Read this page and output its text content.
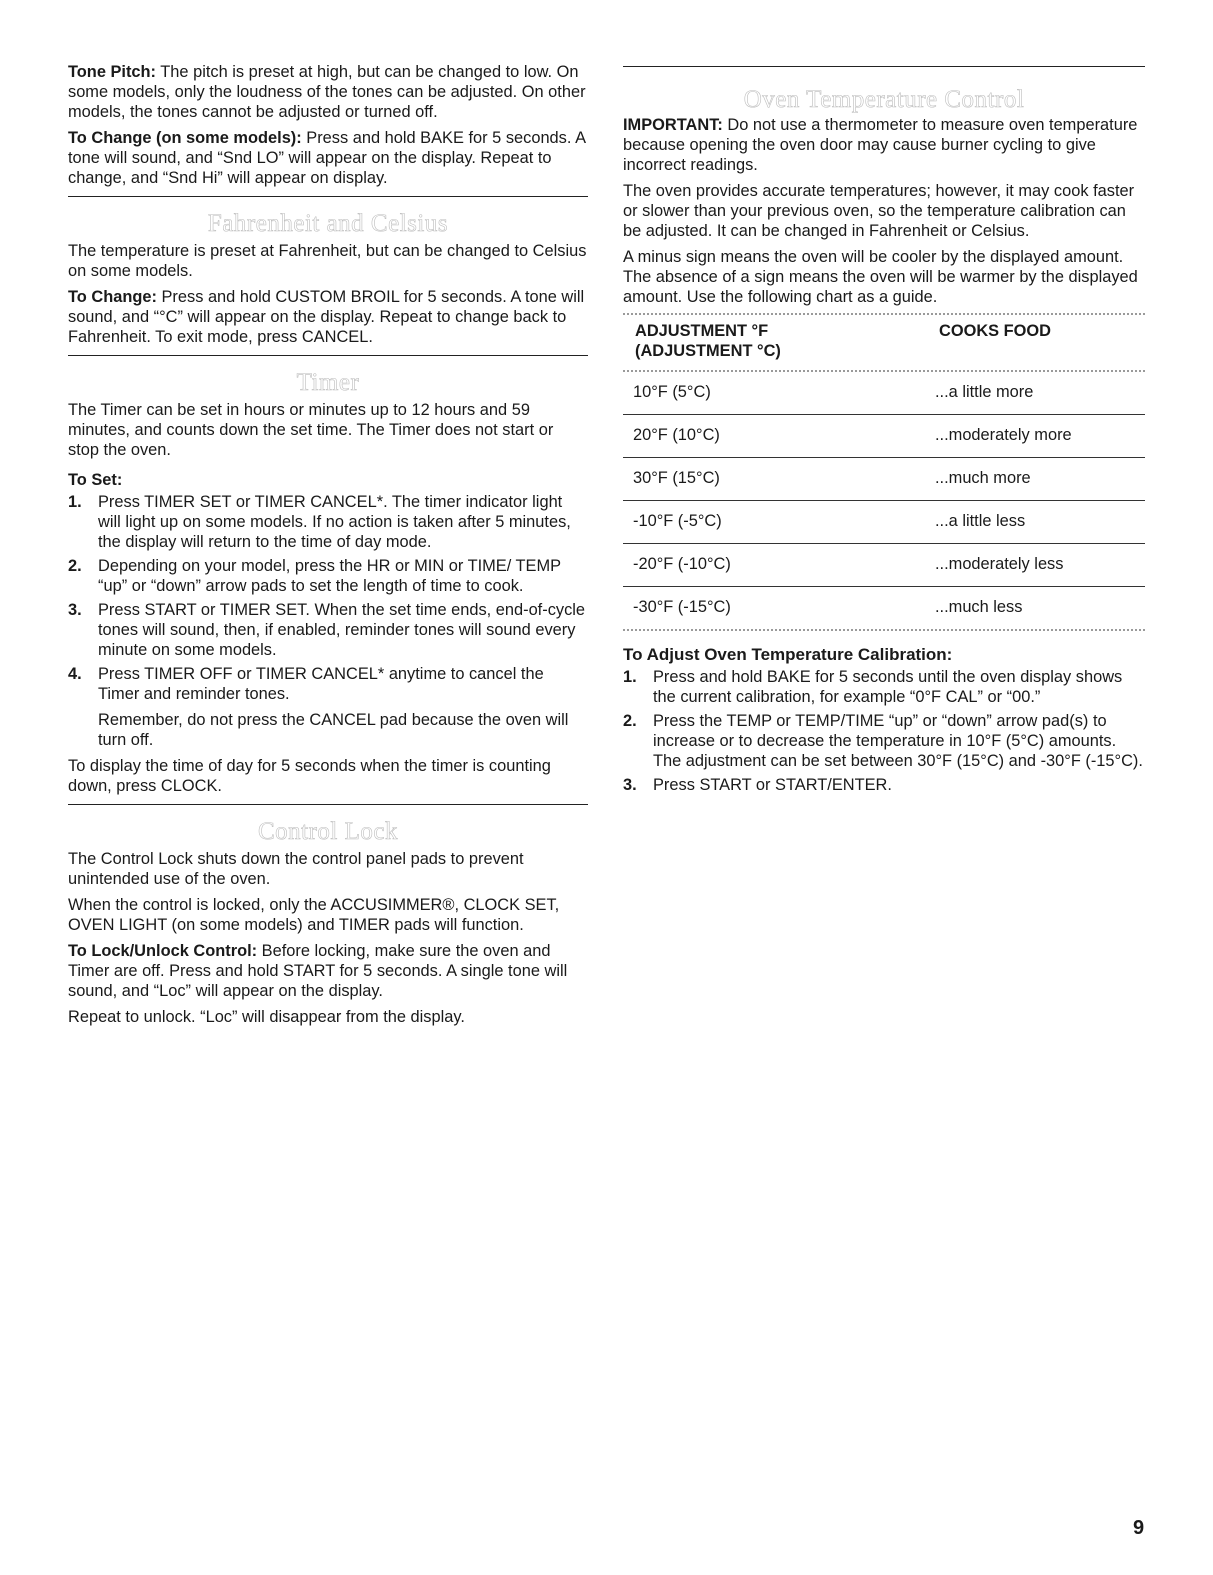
Tone Pitch: The pitch is preset at high, but can be changed to low. On some models, only the loudness of the tones can be adjusted. On other models, the tones cannot be adjusted or turned off.

To Change (on some models): Press and hold BAKE for 5 seconds. A tone will sound, and “Snd LO” will appear on the display. Repeat to change, and “Snd Hi” will appear on display.

Fahrenheit and Celsius

The temperature is preset at Fahrenheit, but can be changed to Celsius on some models.

To Change: Press and hold CUSTOM BROIL for 5 seconds. A tone will sound, and “°C” will appear on the display. Repeat to change back to Fahrenheit. To exit mode, press CANCEL.

Timer

The Timer can be set in hours or minutes up to 12 hours and 59 minutes, and counts down the set time. The Timer does not start or stop the oven.

To Set:
1. Press TIMER SET or TIMER CANCEL*. The timer indicator light will light up on some models. If no action is taken after 5 minutes, the display will return to the time of day mode.
2. Depending on your model, press the HR or MIN or TIME/ TEMP “up” or “down” arrow pads to set the length of time to cook.
3. Press START or TIMER SET. When the set time ends, end-of-cycle tones will sound, then, if enabled, reminder tones will sound every minute on some models.
4. Press TIMER OFF or TIMER CANCEL* anytime to cancel the Timer and reminder tones.
Remember, do not press the CANCEL pad because the oven will turn off.

To display the time of day for 5 seconds when the timer is counting down, press CLOCK.

Control Lock

The Control Lock shuts down the control panel pads to prevent unintended use of the oven.

When the control is locked, only the ACCUSIMMER®, CLOCK SET, OVEN LIGHT (on some models) and TIMER pads will function.

To Lock/Unlock Control: Before locking, make sure the oven and Timer are off. Press and hold START for 5 seconds. A single tone will sound, and “Loc” will appear on the display.

Repeat to unlock. “Loc” will disappear from the display.

Oven Temperature Control

IMPORTANT: Do not use a thermometer to measure oven temperature because opening the oven door may cause burner cycling to give incorrect readings.

The oven provides accurate temperatures; however, it may cook faster or slower than your previous oven, so the temperature calibration can be adjusted. It can be changed in Fahrenheit or Celsius.

A minus sign means the oven will be cooler by the displayed amount. The absence of a sign means the oven will be warmer by the displayed amount. Use the following chart as a guide.

ADJUSTMENT °F
(ADJUSTMENT °C)	COOKS FOOD
10°F (5°C)	...a little more
20°F (10°C)	...moderately more
30°F (15°C)	...much more
-10°F (-5°C)	...a little less
-20°F (-10°C)	...moderately less
-30°F (-15°C)	...much less
To Adjust Oven Temperature Calibration:
1. Press and hold BAKE for 5 seconds until the oven display shows the current calibration, for example “0°F CAL” or “00.”
2. Press the TEMP or TEMP/TIME “up” or “down” arrow pad(s) to increase or to decrease the temperature in 10°F (5°C) amounts. The adjustment can be set between 30°F (15°C) and -30°F (-15°C).
3. Press START or START/ENTER.
9
